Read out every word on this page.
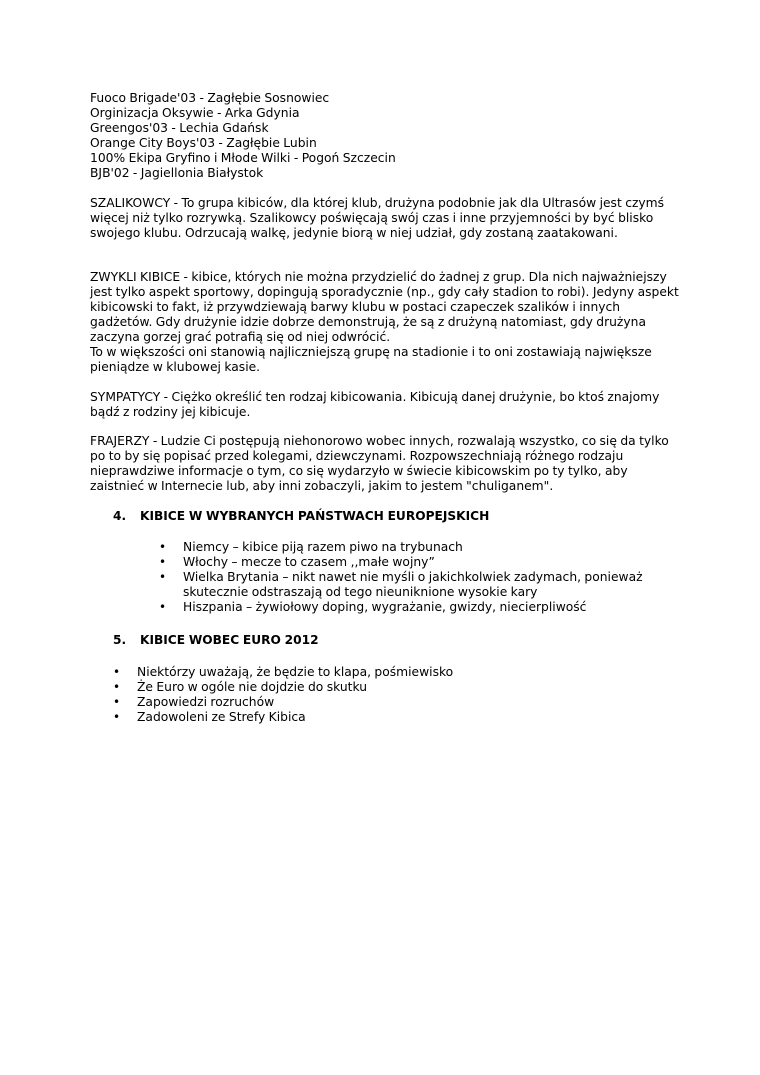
Fuoco Brigade'03 - Zagłębie Sosnowiec
Orginizacja Oksywie - Arka Gdynia
Greengos'03 - Lechia Gdańsk
Orange City Boys'03 - Zagłębie Lubin
100% Ekipa Gryfino i Młode Wilki - Pogoń Szczecin
BJB'02 - Jagiellonia Białystok
SZALIKOWCY - To grupa kibiców, dla której klub, drużyna podobnie jak dla Ultrasów jest czymś więcej niż tylko rozrywką. Szalikowcy poświęcają swój czas i inne przyjemności by być blisko swojego klubu. Odrzucają walkę, jedynie biorą w niej udział, gdy zostaną zaatakowani.
ZWYKLI KIBICE - kibice, których nie można przydzielić do żadnej z grup. Dla nich najważniejszy jest tylko aspekt sportowy, dopingują sporadycznie (np., gdy cały stadion to robi). Jedyny aspekt kibicowski to fakt, iż przywdziewają barwy klubu w postaci czapeczek szalików i innych gadżetów. Gdy drużynie idzie dobrze demonstrują, że są z drużyną natomiast, gdy drużyna zaczyna gorzej grać potrafią się od niej odwrócić.
To w większości oni stanowią najliczniejszą grupę na stadionie i to oni zostawiają największe pieniądze w klubowej kasie.
SYMPATYCY - Ciężko określić ten rodzaj kibicowania. Kibicują danej drużynie, bo ktoś znajomy bądź z rodziny jej kibicuje.
FRAJERZY - Ludzie Ci postępują niehonorowo wobec innych, rozwalają wszystko, co się da tylko po to by się popisać przed kolegami, dziewczynami. Rozpowszechniają różnego rodzaju nieprawdziwe informacje o tym, co się wydarzyło w świecie kibicowskim po ty tylko, aby zaistnieć w Internecie lub, aby inni zobaczyli, jakim to jestem "chuliganem".
4. KIBICE W WYBRANYCH PAŃSTWACH EUROPEJSKICH
• Niemcy – kibice piją razem piwo na trybunach
• Włochy – mecze to czasem ,,małe wojny”
• Wielka Brytania – nikt nawet nie myśli o jakichkolwiek zadymach, ponieważ skutecznie odstraszają od tego nieuniknione wysokie kary
• Hiszpania – żywiołowy doping, wygrażanie, gwizdy, niecierpliwość
5. KIBICE WOBEC EURO 2012
• Niektórzy uważają, że będzie to klapa, pośmiewisko
• Że Euro w ogóle nie dojdzie do skutku
• Zapowiedzi rozruchów
• Zadowoleni ze Strefy Kibica
